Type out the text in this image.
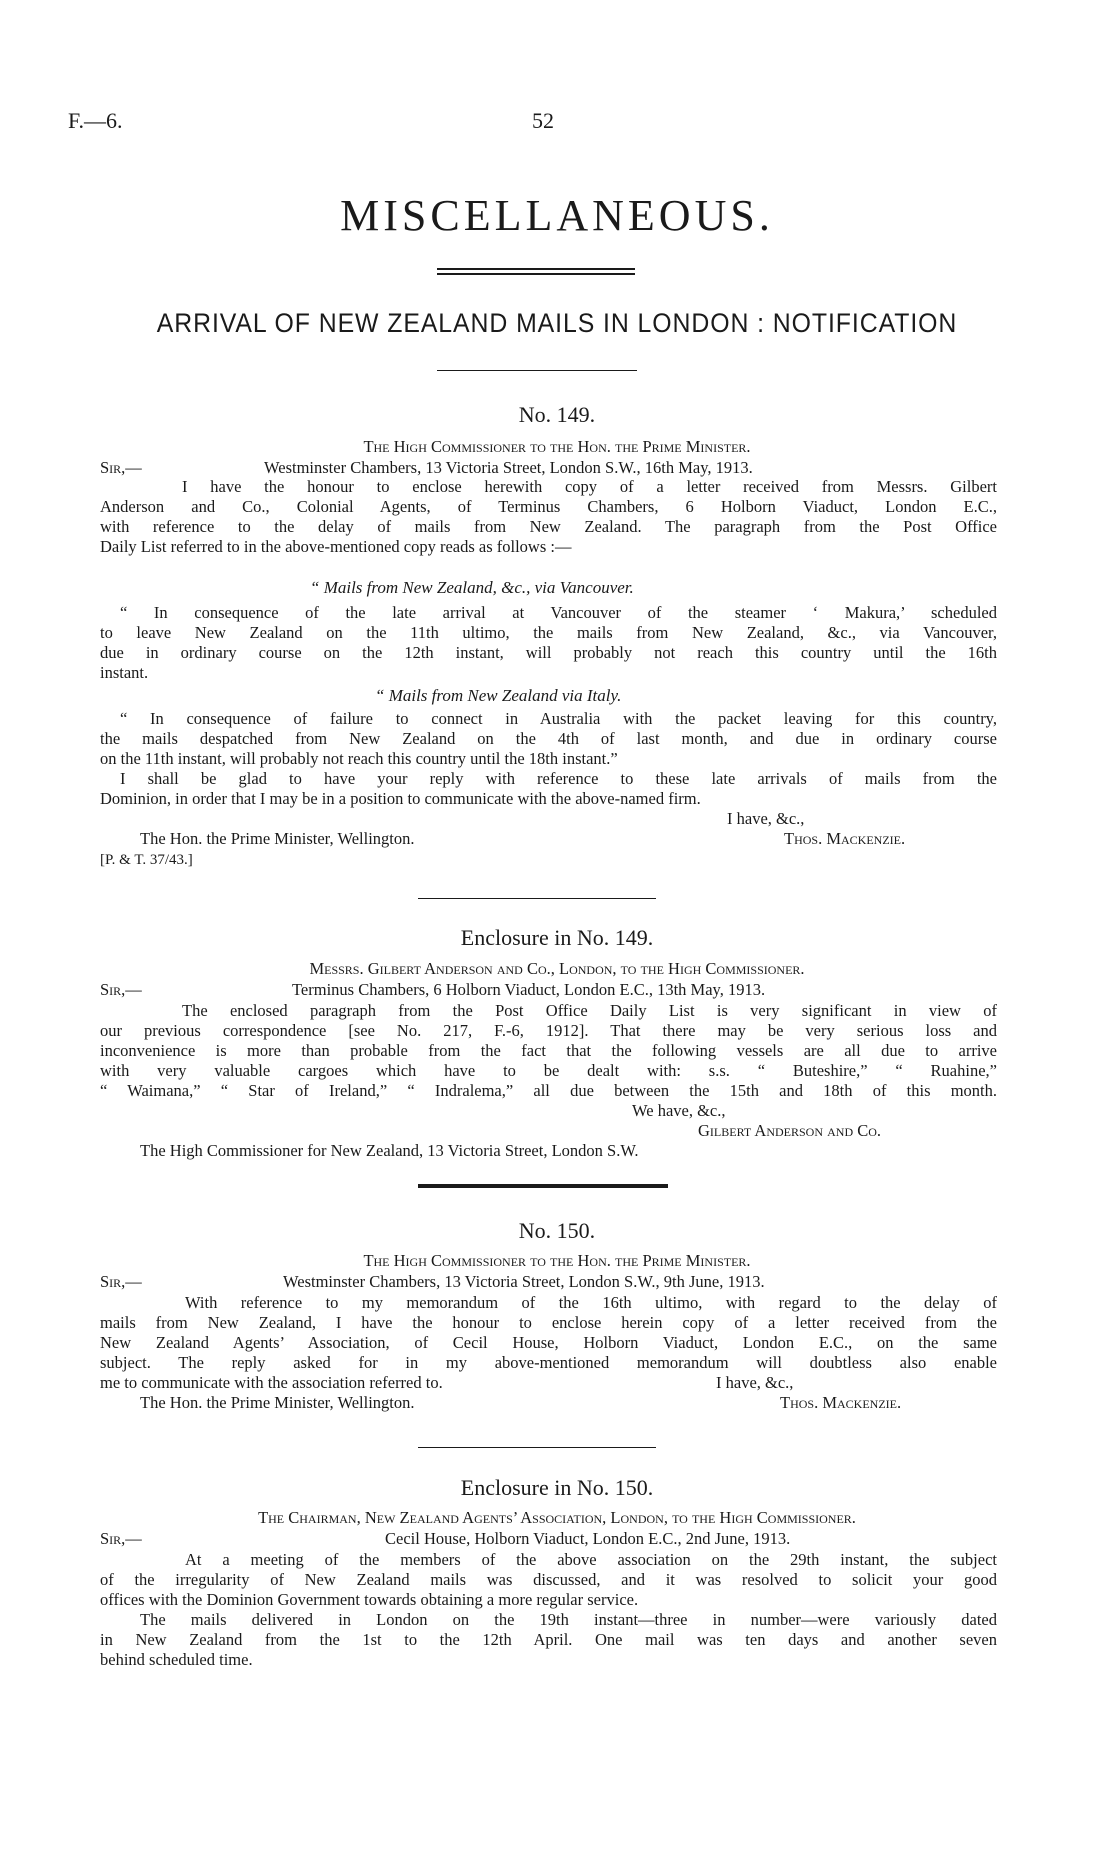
F.—6.	52
MISCELLANEOUS.
ARRIVAL OF NEW ZEALAND MAILS IN LONDON : NOTIFICATION
No. 149.
The High Commissioner to the Hon. the Prime Minister.
Sir,—	Westminster Chambers, 13 Victoria Street, London S.W., 16th May, 1913.
I have the honour to enclose herewith copy of a letter received from Messrs. Gilbert
Anderson and Co., Colonial Agents, of Terminus Chambers, 6 Holborn Viaduct, London E.C.,
with reference to the delay of mails from New Zealand. The paragraph from the Post Office
Daily List referred to in the above-mentioned copy reads as follows :—
“ Mails from New Zealand, &c., via Vancouver.
“ In consequence of the late arrival at Vancouver of the steamer ‘ Makura,’ scheduled
to leave New Zealand on the 11th ultimo, the mails from New Zealand, &c., via Vancouver,
due in ordinary course on the 12th instant, will probably not reach this country until the 16th
instant.
“ Mails from New Zealand via Italy.
“ In consequence of failure to connect in Australia with the packet leaving for this country,
the mails despatched from New Zealand on the 4th of last month, and due in ordinary course
on the 11th instant, will probably not reach this country until the 18th instant.”
I shall be glad to have your reply with reference to these late arrivals of mails from the
Dominion, in order that I may be in a position to communicate with the above-named firm.
I have, &c.,
The Hon. the Prime Minister, Wellington.	Thos. Mackenzie.
[P. & T. 37/43.]
Enclosure in No. 149.
Messrs. Gilbert Anderson and Co., London, to the High Commissioner.
Sir,—	Terminus Chambers, 6 Holborn Viaduct, London E.C., 13th May, 1913.
The enclosed paragraph from the Post Office Daily List is very significant in view of
our previous correspondence [see No. 217, F.-6, 1912]. That there may be very serious loss and
inconvenience is more than probable from the fact that the following vessels are all due to arrive
with very valuable cargoes which have to be dealt with: s.s. “ Buteshire,” “ Ruahine,”
“ Waimana,” “ Star of Ireland,” “ Indralema,” all due between the 15th and 18th of this month.
We have, &c.,
Gilbert Anderson and Co.
The High Commissioner for New Zealand, 13 Victoria Street, London S.W.
No. 150.
The High Commissioner to the Hon. the Prime Minister.
Sir,—	Westminster Chambers, 13 Victoria Street, London S.W., 9th June, 1913.
With reference to my memorandum of the 16th ultimo, with regard to the delay of
mails from New Zealand, I have the honour to enclose herein copy of a letter received from the
New Zealand Agents’ Association, of Cecil House, Holborn Viaduct, London E.C., on the same
subject. The reply asked for in my above-mentioned memorandum will doubtless also enable
me to communicate with the association referred to.	I have, &c.,
The Hon. the Prime Minister, Wellington.	Thos. Mackenzie.
Enclosure in No. 150.
The Chairman, New Zealand Agents’ Association, London, to the High Commissioner.
Sir,—	Cecil House, Holborn Viaduct, London E.C., 2nd June, 1913.
At a meeting of the members of the above association on the 29th instant, the subject
of the irregularity of New Zealand mails was discussed, and it was resolved to solicit your good
offices with the Dominion Government towards obtaining a more regular service.
The mails delivered in London on the 19th instant—three in number—were variously dated
in New Zealand from the 1st to the 12th April. One mail was ten days and another seven
behind scheduled time.
